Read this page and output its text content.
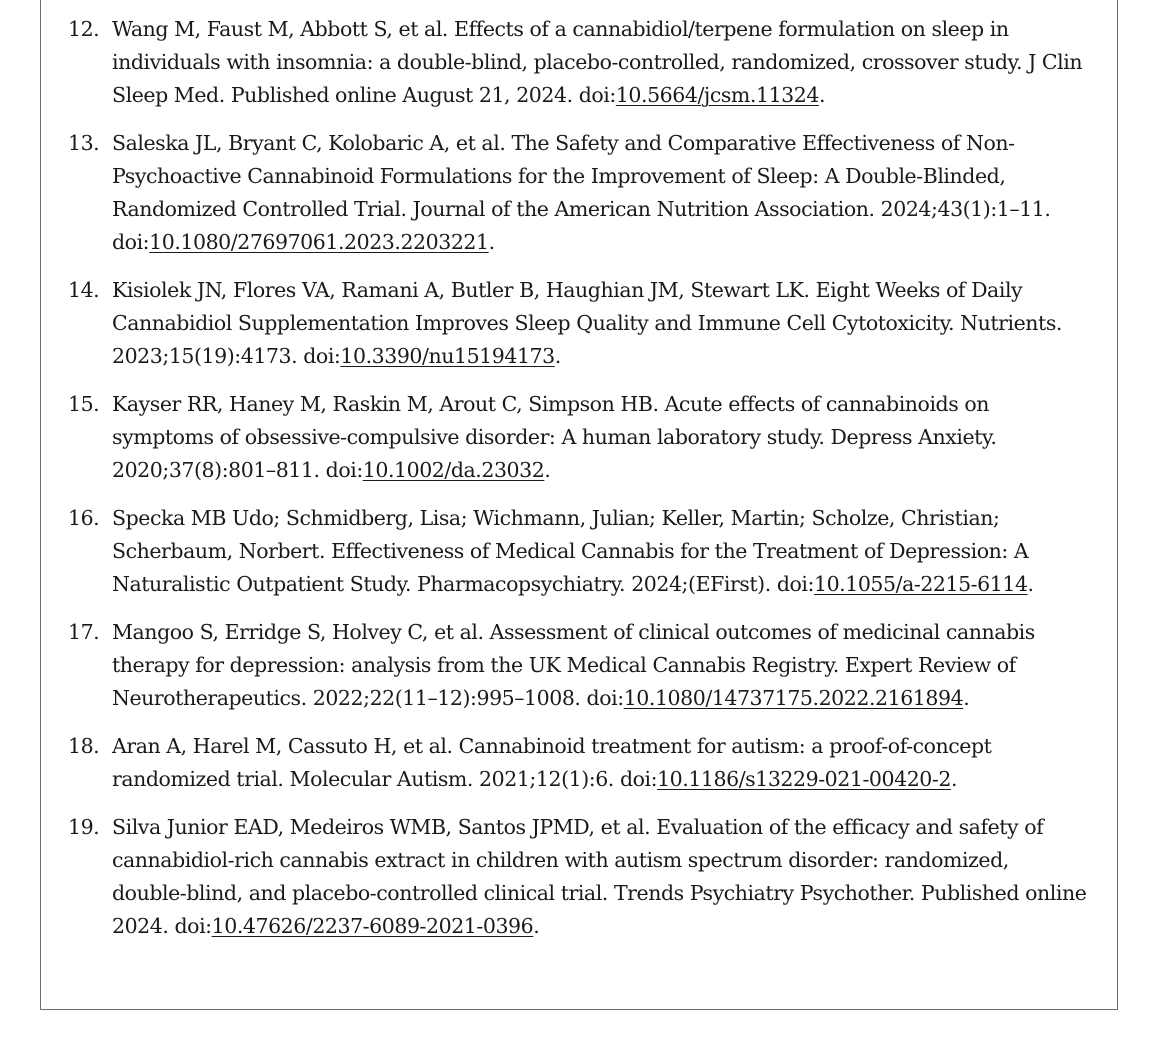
12. Wang M, Faust M, Abbott S, et al. Effects of a cannabidiol/terpene formulation on sleep in individuals with insomnia: a double-blind, placebo-controlled, randomized, crossover study. J Clin Sleep Med. Published online August 21, 2024. doi:10.5664/jcsm.11324.
13. Saleska JL, Bryant C, Kolobaric A, et al. The Safety and Comparative Effectiveness of Non-Psychoactive Cannabinoid Formulations for the Improvement of Sleep: A Double-Blinded, Randomized Controlled Trial. Journal of the American Nutrition Association. 2024;43(1):1–11. doi:10.1080/27697061.2023.2203221.
14. Kisiolek JN, Flores VA, Ramani A, Butler B, Haughian JM, Stewart LK. Eight Weeks of Daily Cannabidiol Supplementation Improves Sleep Quality and Immune Cell Cytotoxicity. Nutrients. 2023;15(19):4173. doi:10.3390/nu15194173.
15. Kayser RR, Haney M, Raskin M, Arout C, Simpson HB. Acute effects of cannabinoids on symptoms of obsessive-compulsive disorder: A human laboratory study. Depress Anxiety. 2020;37(8):801–811. doi:10.1002/da.23032.
16. Specka MB Udo; Schmidberg, Lisa; Wichmann, Julian; Keller, Martin; Scholze, Christian; Scherbaum, Norbert. Effectiveness of Medical Cannabis for the Treatment of Depression: A Naturalistic Outpatient Study. Pharmacopsychiatry. 2024;(EFirst). doi:10.1055/a-2215-6114.
17. Mangoo S, Erridge S, Holvey C, et al. Assessment of clinical outcomes of medicinal cannabis therapy for depression: analysis from the UK Medical Cannabis Registry. Expert Review of Neurotherapeutics. 2022;22(11–12):995–1008. doi:10.1080/14737175.2022.2161894.
18. Aran A, Harel M, Cassuto H, et al. Cannabinoid treatment for autism: a proof-of-concept randomized trial. Molecular Autism. 2021;12(1):6. doi:10.1186/s13229-021-00420-2.
19. Silva Junior EAD, Medeiros WMB, Santos JPMD, et al. Evaluation of the efficacy and safety of cannabidiol-rich cannabis extract in children with autism spectrum disorder: randomized, double-blind, and placebo-controlled clinical trial. Trends Psychiatry Psychother. Published online 2024. doi:10.47626/2237-6089-2021-0396.
